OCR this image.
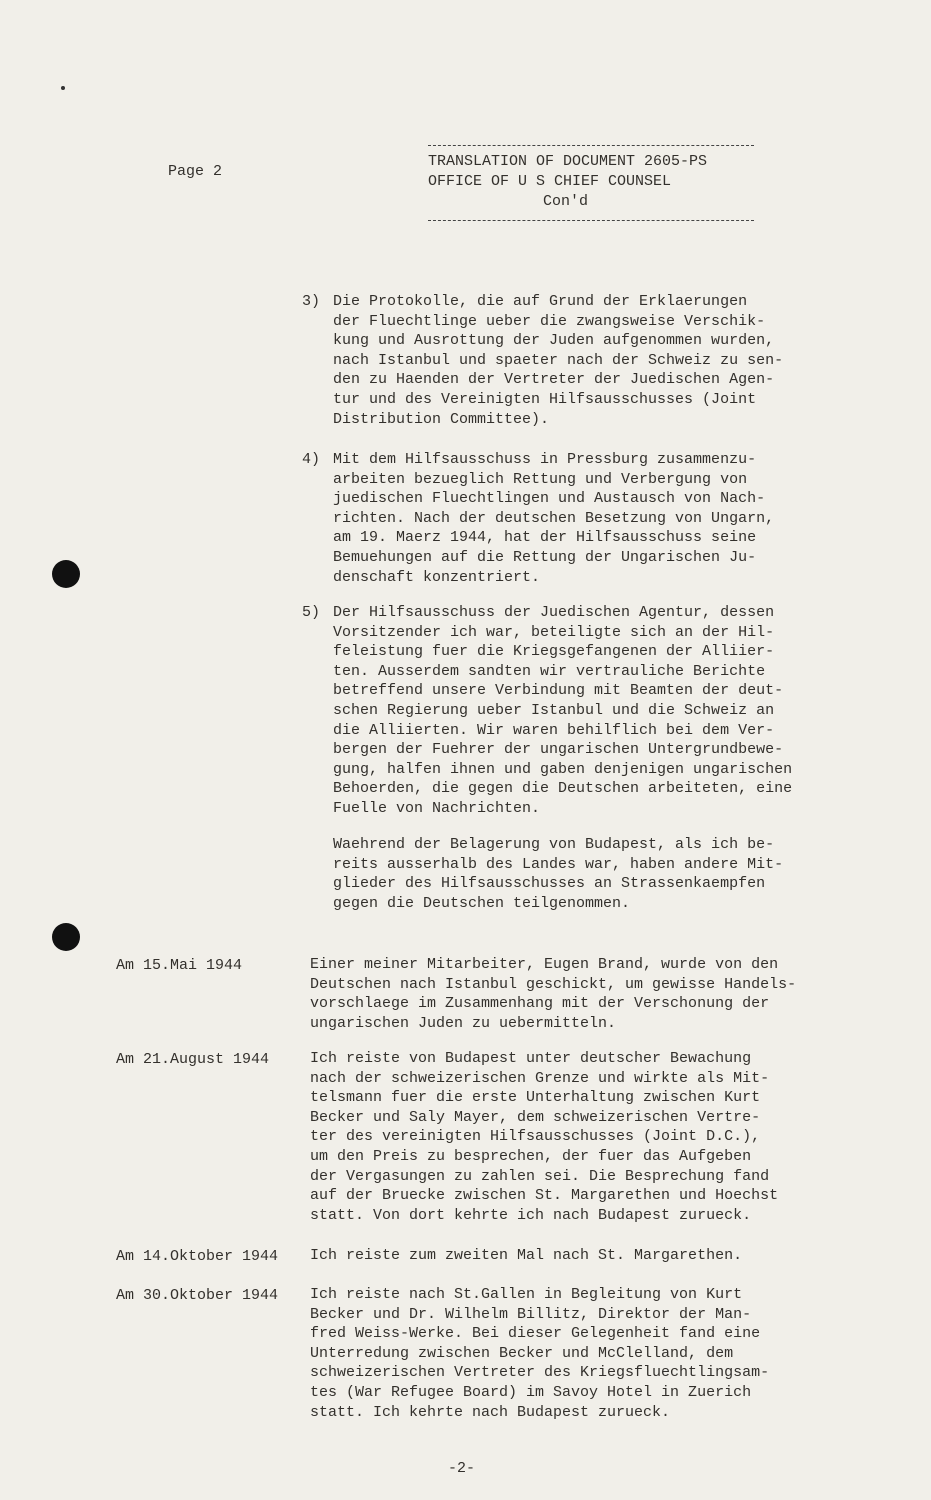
Page 2
TRANSLATION OF DOCUMENT 2605-PS
OFFICE OF U S CHIEF COUNSEL
Con'd
3) Die Protokolle, die auf Grund der Erklaerungen
der Fluechtlinge ueber die zwangsweise Verschik-
kung und Ausrottung der Juden aufgenommen wurden,
nach Istanbul und spaeter nach der Schweiz zu sen-
den zu Haenden der Vertreter der Juedischen Agen-
tur und des Vereinigten Hilfsausschusses (Joint
Distribution Committee).
4) Mit dem Hilfsausschuss in Pressburg zusammenzu-
arbeiten bezueglich Rettung und Verbergung von
juedischen Fluechtlingen und Austausch von Nach-
richten. Nach der deutschen Besetzung von Ungarn,
am 19. Maerz 1944, hat der Hilfsausschuss seine
Bemuehungen auf die Rettung der Ungarischen Ju-
denschaft konzentriert.
5) Der Hilfsausschuss der Juedischen Agentur, dessen
Vorsitzender ich war, beteiligte sich an der Hil-
feleistung fuer die Kriegsgefangenen der Alliier-
ten. Ausserdem sandten wir vertrauliche Berichte
betreffend unsere Verbindung mit Beamten der deut-
schen Regierung ueber Istanbul und die Schweiz an
die Alliierten. Wir waren behilflich bei dem Ver-
bergen der Fuehrer der ungarischen Untergrundbewe-
gung, halfen ihnen und gaben denjenigen ungarischen
Behoerden, die gegen die Deutschen arbeiteten, eine
Fuelle von Nachrichten.
Waehrend der Belagerung von Budapest, als ich be-
reits ausserhalb des Landes war, haben andere Mit-
glieder des Hilfsausschusses an Strassenkaempfen
gegen die Deutschen teilgenommen.
Am 15.Mai 1944	Einer meiner Mitarbeiter, Eugen Brand, wurde von den
Deutschen nach Istanbul geschickt, um gewisse Handels-
vorschlaege im Zusammenhang mit der Verschonung der
ungarischen Juden zu uebermitteln.
Am 21.August 1944	Ich reiste von Budapest unter deutscher Bewachung
nach der schweizerischen Grenze und wirkte als Mit-
telsmann fuer die erste Unterhaltung zwischen Kurt
Becker und Saly Mayer, dem schweizerischen Vertre-
ter des vereinigten Hilfsausschusses (Joint D.C.),
um den Preis zu besprechen, der fuer das Aufgeben
der Vergasungen zu zahlen sei. Die Besprechung fand
auf der Bruecke zwischen St. Margarethen und Hoechst
statt. Von dort kehrte ich nach Budapest zurueck.
Am 14.Oktober 1944 Ich reiste zum zweiten Mal nach St. Margarethen.
Am 30.Oktober 1944 Ich reiste nach St.Gallen in Begleitung von Kurt
Becker und Dr. Wilhelm Billitz, Direktor der Man-
fred Weiss-Werke. Bei dieser Gelegenheit fand eine
Unterredung zwischen Becker und McClelland, dem
schweizerischen Vertreter des Kriegsfluechtlingsam-
tes (War Refugee Board) im Savoy Hotel in Zuerich
statt. Ich kehrte nach Budapest zurueck.
-2-
